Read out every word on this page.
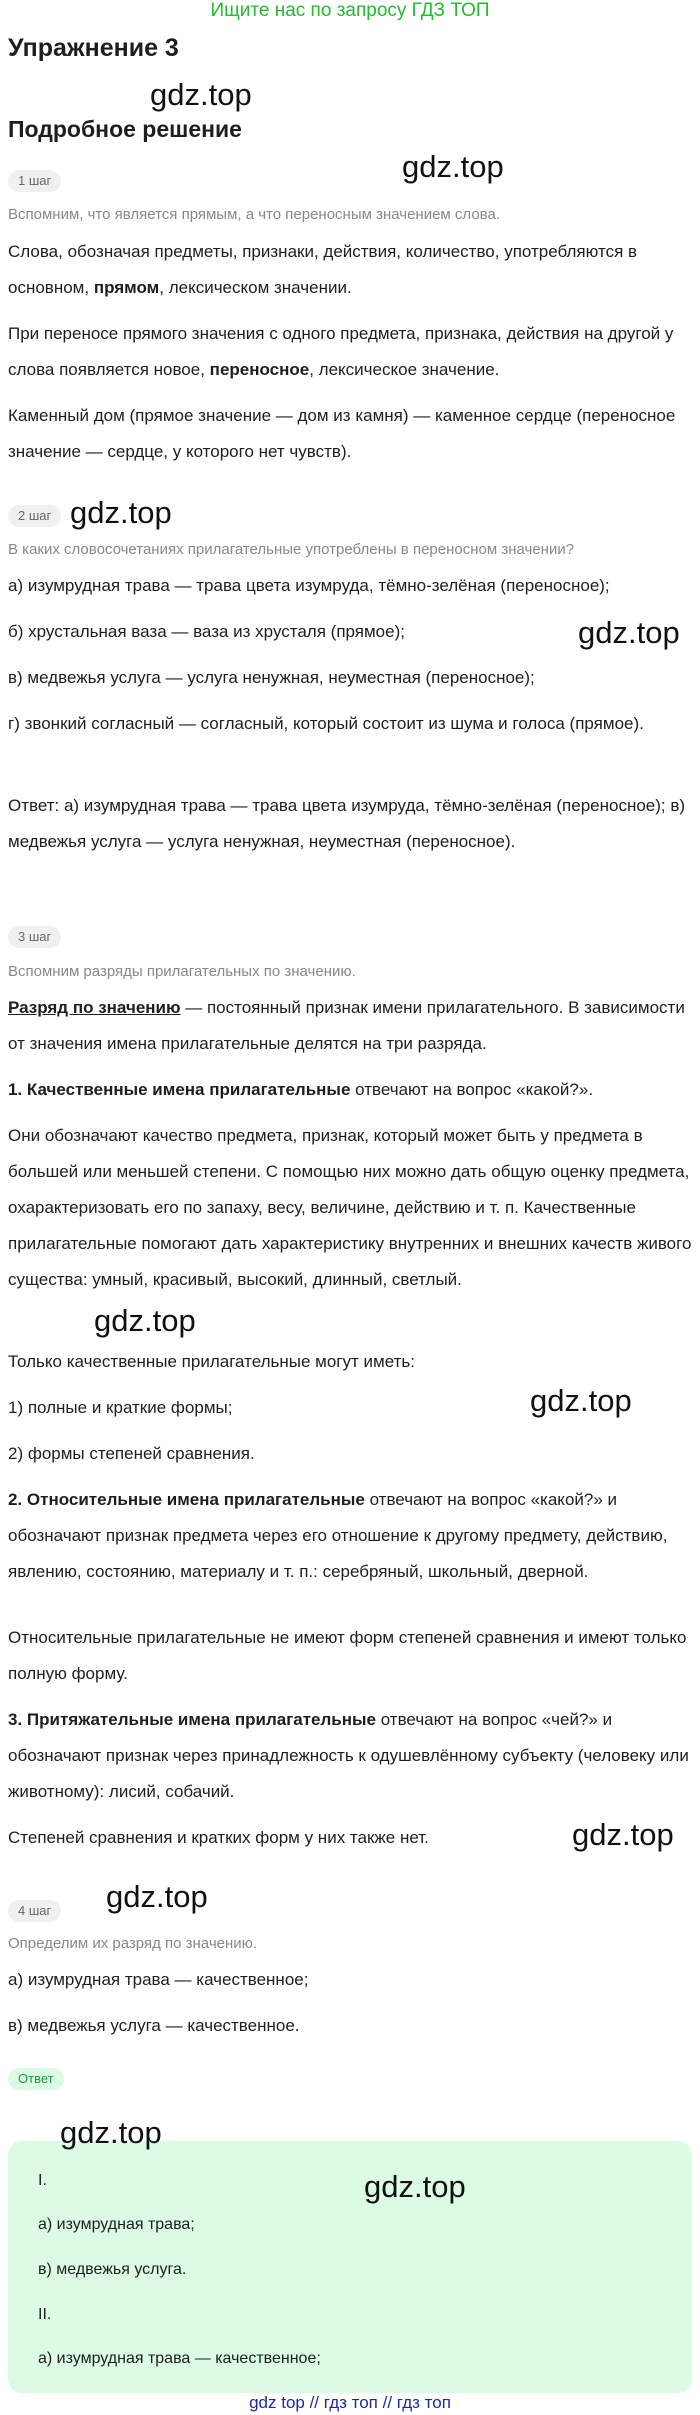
Ищите нас по запросу ГДЗ ТОП
Упражнение 3
gdz.top
Подробное решение
gdz.top
1 шаг

Вспомним, что является прямым, а что переносным значением слова.

Слова, обозначая предметы, признаки, действия, количество, употребляются в основном, прямом, лексическом значении.

При переносе прямого значения с одного предмета, признака, действия на другой у слова появляется новое, переносное, лексическое значение.

Каменный дом (прямое значение — дом из камня) — каменное сердце (переносное значение — сердце, у которого нет чувств).

2 шаг gdz.top

В каких словосочетаниях прилагательные употреблены в переносном значении?

а) изумрудная трава — трава цвета изумруда, тёмно-зелёная (переносное);

б) хрустальная ваза — ваза из хрусталя (прямое);	gdz.top

в) медвежья услуга — услуга ненужная, неуместная (переносное);

г) звонкий согласный — согласный, который состоит из шума и голоса (прямое).

Ответ: а) изумрудная трава — трава цвета изумруда, тёмно-зелёная (переносное); в) медвежья услуга — услуга ненужная, неуместная (переносное).

3 шаг

Вспомним разряды прилагательных по значению.

Разряд по значению — постоянный признак имени прилагательного. В зависимости от значения имена прилагательные делятся на три разряда.

1. Качественные имена прилагательные отвечают на вопрос «какой?».

Они обозначают качество предмета, признак, который может быть у предмета в большей или меньшей степени. С помощью них можно дать общую оценку предмета, охарактеризовать его по запаху, весу, величине, действию и т. п. Качественные прилагательные помогают дать характеристику внутренних и внешних качеств живого существа: умный, красивый, высокий, длинный, светлый.

gdz.top

Только качественные прилагательные могут иметь:

1) полные и краткие формы;	gdz.top

2) формы степеней сравнения.

2. Относительные имена прилагательные отвечают на вопрос «какой?» и обозначают признак предмета через его отношение к другому предмету, действию, явлению, состоянию, материалу и т. п.: серебряный, школьный, дверной.

Относительные прилагательные не имеют форм степеней сравнения и имеют только полную форму.

3. Притяжательные имена прилагательные отвечают на вопрос «чей?» и обозначают признак через принадлежность к одушевлённому субъекту (человеку или животному): лисий, собачий.

Степеней сравнения и кратких форм у них также нет.	gdz.top
4 шаг	gdz.top

Определим их разряд по значению.

а) изумрудная трава — качественное;

в) медвежья услуга — качественное.

Ответ

I.

а) изумрудная трава;

в) медвежья услуга.

II.

а) изумрудная трава — качественное;

gdz.top
gdz.top
gdz top // гдз топ // гдз топ
